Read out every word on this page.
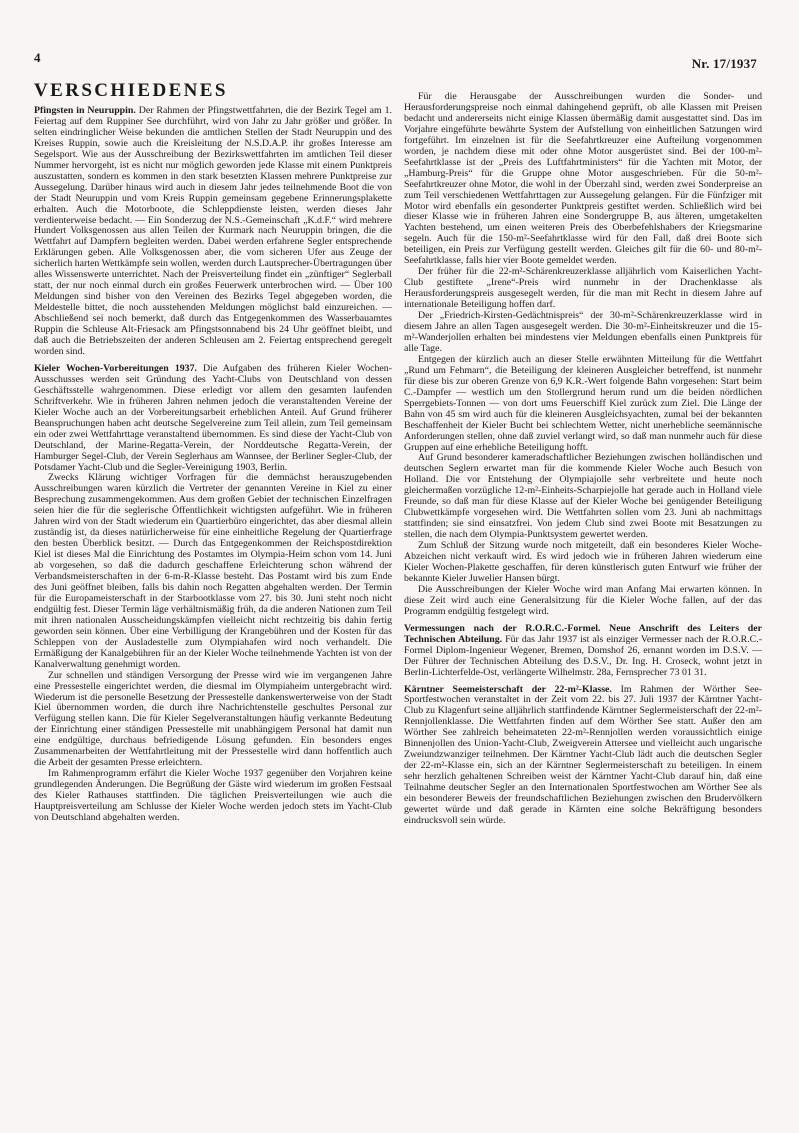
4	Nr. 17/1937
VERSCHIEDENES

Pfingsten in Neuruppin. Der Rahmen der Pfingstwettfahrten, die der Bezirk Tegel am 1. Feiertag auf dem Ruppiner See durchführt, wird von Jahr zu Jahr größer und größer. In selten eindringlicher Weise bekunden die amtlichen Stellen der Stadt Neuruppin und des Kreises Ruppin, sowie auch die Kreisleitung der N.S.D.A.P. ihr großes Interesse am Segelsport. Wie aus der Ausschreibung der Bezirkswettfahrten im amtlichen Teil dieser Nummer hervorgeht, ist es nicht nur möglich geworden jede Klasse mit einem Punktpreis auszustatten, sondern es kommen in den stark besetzten Klassen mehrere Punktpreise zur Aussegelung. Darüber hinaus wird auch in diesem Jahr jedes teilnehmende Boot die von der Stadt Neuruppin und vom Kreis Ruppin gemeinsam gegebene Erinnerungsplakette erhalten. Auch die Motorboote, die Schleppdienste leisten, werden dieses Jahr verdienterweise bedacht. — Ein Sonderzug der N.S.-Gemeinschaft „K.d.F.“ wird mehrere Hundert Volksgenossen aus allen Teilen der Kurmark nach Neuruppin bringen, die die Wettfahrt auf Dampfern begleiten werden. Dabei werden erfahrene Segler entsprechende Erklärungen geben. Alle Volksgenossen aber, die vom sicheren Ufer aus Zeuge der sicherlich harten Wettkämpfe sein wollen, werden durch Lautsprecher-Übertragungen über alles Wissenswerte unterrichtet. Nach der Preisverteilung findet ein „zünftiger“ Seglerball statt, der nur noch einmal durch ein großes Feuerwerk unterbrochen wird. — Über 100 Meldungen sind bisher von den Vereinen des Bezirks Tegel abgegeben worden, die Meldestelle bittet, die noch ausstehenden Meldungen möglichst bald einzureichen. — Abschließend sei noch bemerkt, daß durch das Entgegenkommen des Wasserbauamtes Ruppin die Schleuse Alt-Friesack am Pfingstsonnabend bis 24 Uhr geöffnet bleibt, und daß auch die Betriebszeiten der anderen Schleusen am 2. Feiertag entsprechend geregelt worden sind.

Kieler Wochen-Vorbereitungen 1937. Die Aufgaben des früheren Kieler Wochen-Ausschusses werden seit Gründung des Yacht-Clubs von Deutschland von dessen Geschäftsstelle wahrgenommen. Diese erledigt vor allem den gesamten laufenden Schriftverkehr. Wie in früheren Jahren nehmen jedoch die veranstaltenden Vereine der Kieler Woche auch an der Vorbereitungsarbeit erheblichen Anteil. Auf Grund früherer Beanspruchungen haben acht deutsche Segelvereine zum Teil allein, zum Teil gemeinsam ein oder zwei Wettfahrttage veranstaltend übernommen. Es sind diese der Yacht-Club von Deutschland, der Marine-Regatta-Verein, der Norddeutsche Regatta-Verein, der Hamburger Segel-Club, der Verein Seglerhaus am Wannsee, der Berliner Segler-Club, der Potsdamer Yacht-Club und die Segler-Vereinigung 1903, Berlin.

Zwecks Klärung wichtiger Vorfragen für die demnächst herauszugebenden Ausschreibungen waren kürzlich die Vertreter der genannten Vereine in Kiel zu einer Besprechung zusammengekommen. Aus dem großen Gebiet der technischen Einzelfragen seien hier die für die seglerische Öffentlichkeit wichtigsten aufgeführt. Wie in früheren Jahren wird von der Stadt wiederum ein Quartierbüro eingerichtet, das aber diesmal allein zuständig ist, da dieses natürlicherweise für eine einheitliche Regelung der Quartierfrage den besten Überblick besitzt. — Durch das Entgegenkommen der Reichspostdirektion Kiel ist dieses Mal die Einrichtung des Postamtes im Olympia-Heim schon vom 14. Juni ab vorgesehen, so daß die dadurch geschaffene Erleichterung schon während der Verbandsmeisterschaften in der 6-m-R-Klasse besteht. Das Postamt wird bis zum Ende des Juni geöffnet bleiben, falls bis dahin noch Regatten abgehalten werden. Der Termin für die Europameisterschaft in der Starbootklasse vom 27. bis 30. Juni steht noch nicht endgültig fest. Dieser Termin läge verhältnismäßig früh, da die anderen Nationen zum Teil mit ihren nationalen Ausscheidungskämpfen vielleicht nicht rechtzeitig bis dahin fertig geworden sein können. Über eine Verbilligung der Krangebühren und der Kosten für das Schleppen von der Ausladestelle zum Olympiahafen wird noch verhandelt. Die Ermäßigung der Kanalgebühren für an der Kieler Woche teilnehmende Yachten ist von der Kanalverwaltung genehmigt worden.

Zur schnellen und ständigen Versorgung der Presse wird wie im vergangenen Jahre eine Pressestelle eingerichtet werden, die diesmal im Olympiaheim untergebracht wird. Wiederum ist die personelle Besetzung der Pressestelle dankenswerterweise von der Stadt Kiel übernommen worden, die durch ihre Nachrichtenstelle geschultes Personal zur Verfügung stellen kann. Die für Kieler Segelveranstaltungen häufig verkannte Bedeutung der Einrichtung einer ständigen Pressestelle mit unabhängigem Personal hat damit nun eine endgültige, durchaus befriedigende Lösung gefunden. Ein besonders enges Zusammenarbeiten der Wettfahrtleitung mit der Pressestelle wird dann hoffentlich auch die Arbeit der gesamten Presse erleichtern.

Im Rahmenprogramm erfährt die Kieler Woche 1937 gegenüber den Vorjahren keine grundlegenden Änderungen. Die Begrüßung der Gäste wird wiederum im großen Festsaal des Kieler Rathauses stattfinden. Die täglichen Preisverteilungen wie auch die Hauptpreisverteilung am Schlusse der Kieler Woche werden jedoch stets im Yacht-Club von Deutschland abgehalten werden.

Für die Herausgabe der Ausschreibungen wurden die Sonder- und Herausforderungspreise noch einmal dahingehend geprüft, ob alle Klassen mit Preisen bedacht und andererseits nicht einige Klassen übermäßig damit ausgestattet sind. Das im Vorjahre eingeführte bewährte System der Aufstellung von einheitlichen Satzungen wird fortgeführt. Im einzelnen ist für die Seefahrtkreuzer eine Aufteilung vorgenommen worden, je nachdem diese mit oder ohne Motor ausgerüstet sind. Bei der 100-m²-Seefahrtklasse ist der „Preis des Luftfahrtministers“ für die Yachten mit Motor, der „Hamburg-Preis“ für die Gruppe ohne Motor ausgeschrieben. Für die 50-m²-Seefahrtkreuzer ohne Motor, die wohl in der Überzahl sind, werden zwei Sonderpreise an zum Teil verschiedenen Wettfahrttagen zur Aussegelung gelangen. Für die Fünfziger mit Motor wird ebenfalls ein gesonderter Punktpreis gestiftet werden. Schließlich wird bei dieser Klasse wie in früheren Jahren eine Sondergruppe B, aus älteren, umgetakelten Yachten bestehend, um einen weiteren Preis des Oberbefehlshabers der Kriegsmarine segeln. Auch für die 150-m²-Seefahrtklasse wird für den Fall, daß drei Boote sich beteiligen, ein Preis zur Verfügung gestellt werden. Gleiches gilt für die 60- und 80-m²-Seefahrtklasse, falls hier vier Boote gemeldet werden.

Der früher für die 22-m²-Schärenkreuzerklasse alljährlich vom Kaiserlichen Yacht-Club gestiftete „Irene“-Preis wird nunmehr in der Drachenklasse als Herausforderungspreis ausgesegelt werden, für die man mit Recht in diesem Jahre auf internationale Beteiligung hoffen darf.

Der „Friedrich-Kirsten-Gedächtnispreis“ der 30-m²-Schärenkreuzerklasse wird in diesem Jahre an allen Tagen ausgesegelt werden. Die 30-m²-Einheitskreuzer und die 15-m²-Wanderjollen erhalten bei mindestens vier Meldungen ebenfalls einen Punktpreis für alle Tage.

Entgegen der kürzlich auch an dieser Stelle erwähnten Mitteilung für die Wettfahrt „Rund um Fehmarn“, die Beteiligung der kleineren Ausgleicher betreffend, ist nunmehr für diese bis zur oberen Grenze von 6,9 K.R.-Wert folgende Bahn vorgesehen: Start beim C.-Dampfer — westlich um den Stollergrund herum rund um die beiden nördlichen Sperrgebiets-Tonnen — von dort ums Feuerschiff Kiel zurück zum Ziel. Die Länge der Bahn von 45 sm wird auch für die kleineren Ausgleichsyachten, zumal bei der bekannten Beschaffenheit der Kieler Bucht bei schlechtem Wetter, nicht unerhebliche seemännische Anforderungen stellen, ohne daß zuviel verlangt wird, so daß man nunmehr auch für diese Gruppen auf eine erhebliche Beteiligung hofft.

Auf Grund besonderer kameradschaftlicher Beziehungen zwischen holländischen und deutschen Seglern erwartet man für die kommende Kieler Woche auch Besuch von Holland. Die vor Entstehung der Olympiajolle sehr verbreitete und heute noch gleichermaßen vorzügliche 12-m²-Einheits-Scharpiejolle hat gerade auch in Holland viele Freunde, so daß man für diese Klasse auf der Kieler Woche bei genügender Beteiligung Clubwettkämpfe vorgesehen wird. Die Wettfahrten sollen vom 23. Juni ab nachmittags stattfinden; sie sind einsatzfrei. Von jedem Club sind zwei Boote mit Besatzungen zu stellen, die nach dem Olympia-Punktsystem gewertet werden.

Zum Schluß der Sitzung wurde noch mitgeteilt, daß ein besonderes Kieler Woche-Abzeichen nicht verkauft wird. Es wird jedoch wie in früheren Jahren wiederum eine Kieler Wochen-Plakette geschaffen, für deren künstlerisch guten Entwurf wie früher der bekannte Kieler Juwelier Hansen bürgt.

Die Ausschreibungen der Kieler Woche wird man Anfang Mai erwarten können. In diese Zeit wird auch eine Generalsitzung für die Kieler Woche fallen, auf der das Programm endgültig festgelegt wird.

Vermessungen nach der R.O.R.C.-Formel. Neue Anschrift des Leiters der Technischen Abteilung. Für das Jahr 1937 ist als einziger Vermesser nach der R.O.R.C.-Formel Diplom-Ingenieur Wegener, Bremen, Domshof 26, ernannt worden im D.S.V. — Der Führer der Technischen Abteilung des D.S.V., Dr. Ing. H. Croseck, wohnt jetzt in Berlin-Lichterfelde-Ost, verlängerte Wilhelmstr. 28a, Fernsprecher 73 01 31.

Kärntner Seemeisterschaft der 22-m²-Klasse. Im Rahmen der Wörther See-Sportfestwochen veranstaltet in der Zeit vom 22. bis 27. Juli 1937 der Kärntner Yacht-Club zu Klagenfurt seine alljährlich stattfindende Kärntner Seglermeisterschaft der 22-m²-Rennjollenklasse. Die Wettfahrten finden auf dem Wörther See statt. Außer den am Wörther See zahlreich beheimateten 22-m²-Rennjollen werden voraussichtlich einige Binnenjollen des Union-Yacht-Club, Zweigverein Attersee und vielleicht auch ungarische Zweiundzwanziger teilnehmen. Der Kärntner Yacht-Club lädt auch die deutschen Segler der 22-m²-Klasse ein, sich an der Kärntner Seglermeisterschaft zu beteiligen. In einem sehr herzlich gehaltenen Schreiben weist der Kärntner Yacht-Club darauf hin, daß eine Teilnahme deutscher Segler an den Internationalen Sportfestwochen am Wörther See als ein besonderer Beweis der freundschaftlichen Beziehungen zwischen den Brudervölkern gewertet würde und daß gerade in Kärnten eine solche Bekräftigung besonders eindrucksvoll sein würde.
